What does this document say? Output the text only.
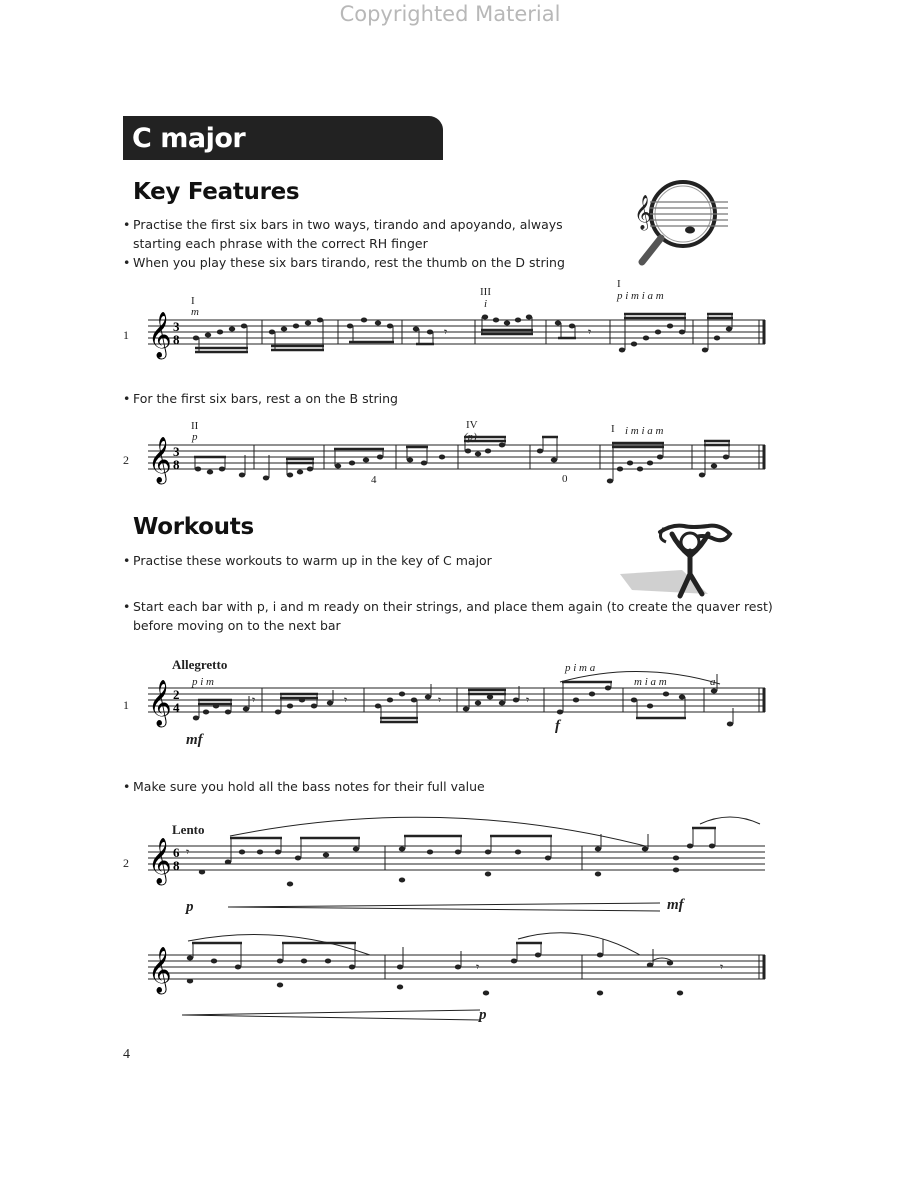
Copyrighted Material
C major
Key Features
𝄞
• Practise the first six bars in two ways, tirando and apoyando, always
starting each phrase with the correct RH finger
• When you play these six bars tirando, rest the thumb on the D string
1
I
m
III
i
I
p i m i a m
𝄞 3
8	𝄾	𝄾
• For the first six bars, rest a on the B string
2
II
p
IV
(p)
I i m i a m
4	0
𝄞 3
8
Workouts
• Practise these workouts to warm up in the key of C major
• Start each bar with p, i and m ready on their strings, and place them again (to create the quaver rest)
before moving on to the next bar
Allegretto
1
p i m
p i m a
m i a m	a
mf
f
𝄞 2
4	𝄾	𝄾	𝄾	𝄾
• Make sure you hold all the bass notes for their full value
Lento
2
p	mf
p
𝄞 6
8
𝄾
𝄞	𝄾	𝄾
4
